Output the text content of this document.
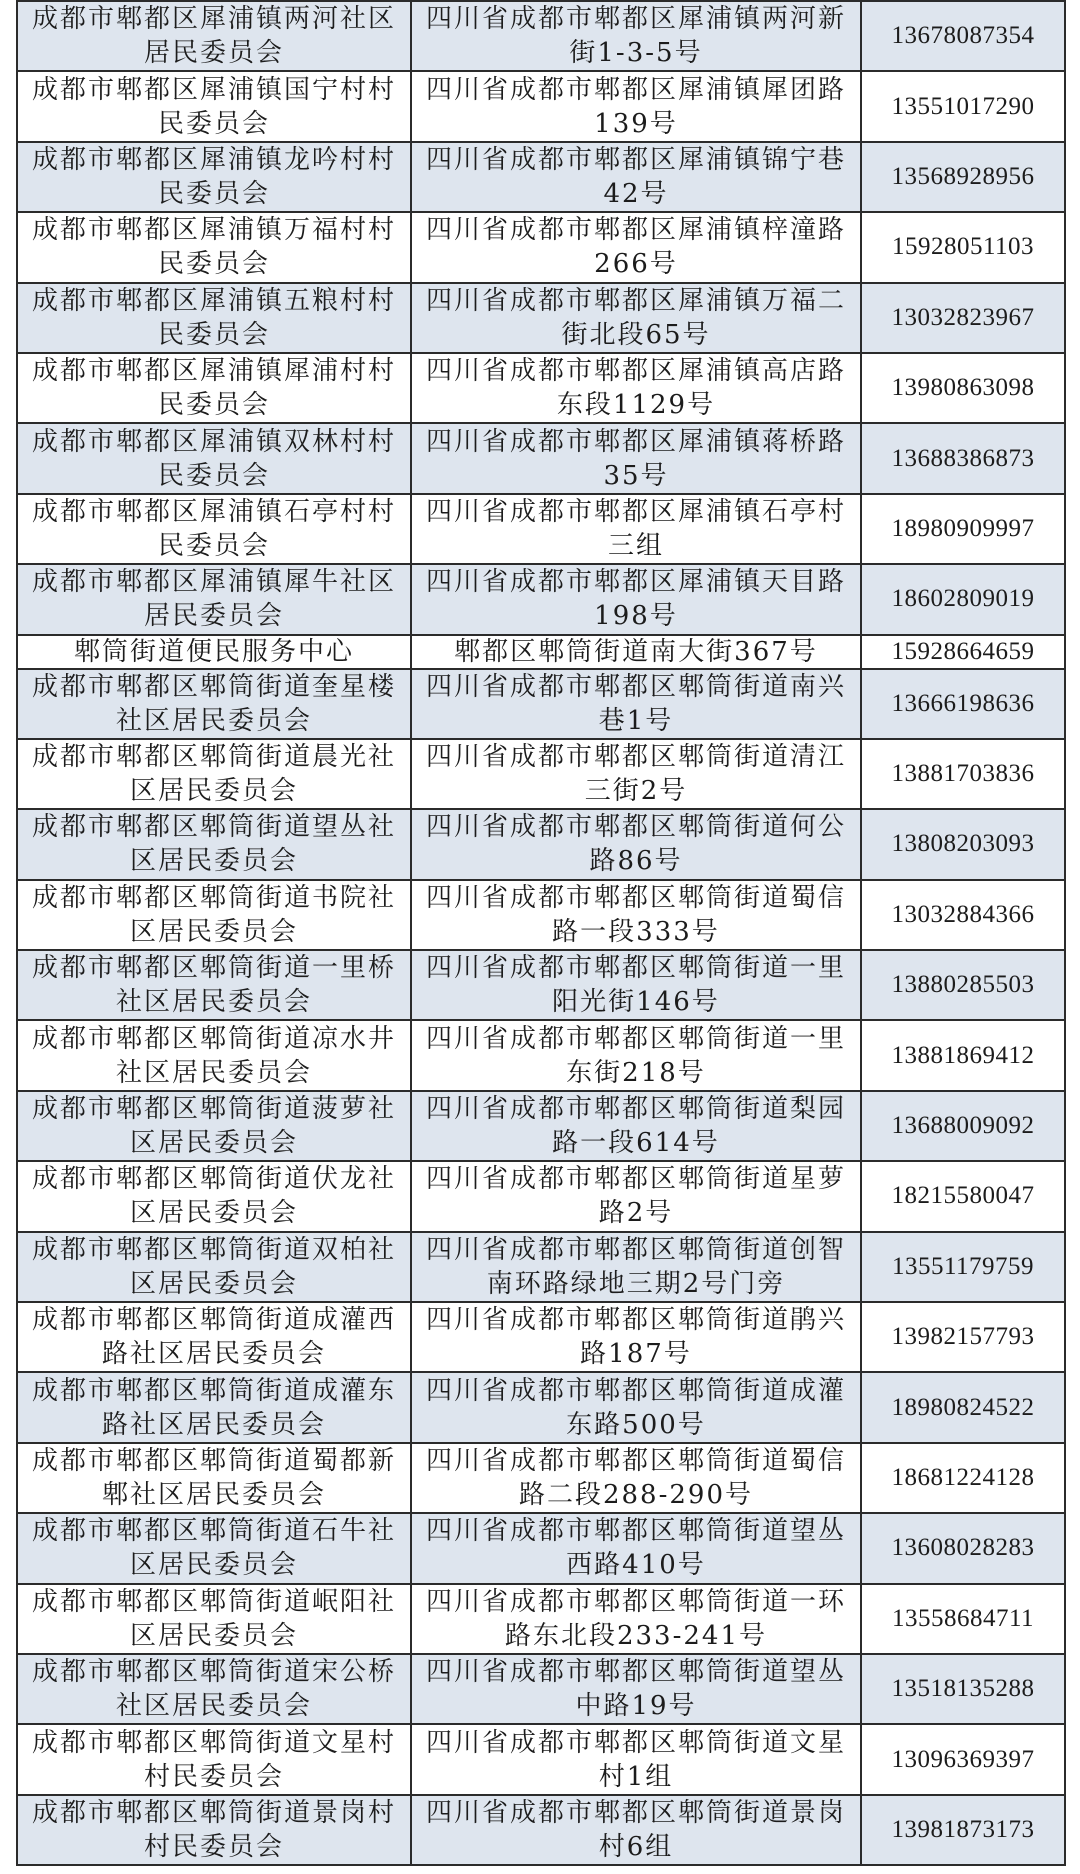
成都市郫都区犀浦镇两河社区居民委员会	四川省成都市郫都区犀浦镇两河新街1-3-5号	13678087354
成都市郫都区犀浦镇国宁村村民委员会	四川省成都市郫都区犀浦镇犀团路139号	13551017290
成都市郫都区犀浦镇龙吟村村民委员会	四川省成都市郫都区犀浦镇锦宁巷42号	13568928956
成都市郫都区犀浦镇万福村村民委员会	四川省成都市郫都区犀浦镇梓潼路266号	15928051103
成都市郫都区犀浦镇五粮村村民委员会	四川省成都市郫都区犀浦镇万福二街北段65号	13032823967
成都市郫都区犀浦镇犀浦村村民委员会	四川省成都市郫都区犀浦镇高店路东段1129号	13980863098
成都市郫都区犀浦镇双林村村民委员会	四川省成都市郫都区犀浦镇蒋桥路35号	13688386873
成都市郫都区犀浦镇石亭村村民委员会	四川省成都市郫都区犀浦镇石亭村三组	18980909997
成都市郫都区犀浦镇犀牛社区居民委员会	四川省成都市郫都区犀浦镇天目路198号	18602809019
郫筒街道便民服务中心	郫都区郫筒街道南大街367号	15928664659
成都市郫都区郫筒街道奎星楼社区居民委员会	四川省成都市郫都区郫筒街道南兴巷1号	13666198636
成都市郫都区郫筒街道晨光社区居民委员会	四川省成都市郫都区郫筒街道清江三街2号	13881703836
成都市郫都区郫筒街道望丛社区居民委员会	四川省成都市郫都区郫筒街道何公路86号	13808203093
成都市郫都区郫筒街道书院社区居民委员会	四川省成都市郫都区郫筒街道蜀信路一段333号	13032884366
成都市郫都区郫筒街道一里桥社区居民委员会	四川省成都市郫都区郫筒街道一里阳光街146号	13880285503
成都市郫都区郫筒街道凉水井社区居民委员会	四川省成都市郫都区郫筒街道一里东街218号	13881869412
成都市郫都区郫筒街道菠萝社区居民委员会	四川省成都市郫都区郫筒街道梨园路一段614号	13688009092
成都市郫都区郫筒街道伏龙社区居民委员会	四川省成都市郫都区郫筒街道星萝路2号	18215580047
成都市郫都区郫筒街道双柏社区居民委员会	四川省成都市郫都区郫筒街道创智南环路绿地三期2号门旁	13551179759
成都市郫都区郫筒街道成灌西路社区居民委员会	四川省成都市郫都区郫筒街道鹃兴路187号	13982157793
成都市郫都区郫筒街道成灌东路社区居民委员会	四川省成都市郫都区郫筒街道成灌东路500号	18980824522
成都市郫都区郫筒街道蜀都新郫社区居民委员会	四川省成都市郫都区郫筒街道蜀信路二段288-290号	18681224128
成都市郫都区郫筒街道石牛社区居民委员会	四川省成都市郫都区郫筒街道望丛西路410号	13608028283
成都市郫都区郫筒街道岷阳社区居民委员会	四川省成都市郫都区郫筒街道一环路东北段233-241号	13558684711
成都市郫都区郫筒街道宋公桥社区居民委员会	四川省成都市郫都区郫筒街道望丛中路19号	13518135288
成都市郫都区郫筒街道文星村村民委员会	四川省成都市郫都区郫筒街道文星村1组	13096369397
成都市郫都区郫筒街道景岗村村民委员会	四川省成都市郫都区郫筒街道景岗村6组	13981873173
